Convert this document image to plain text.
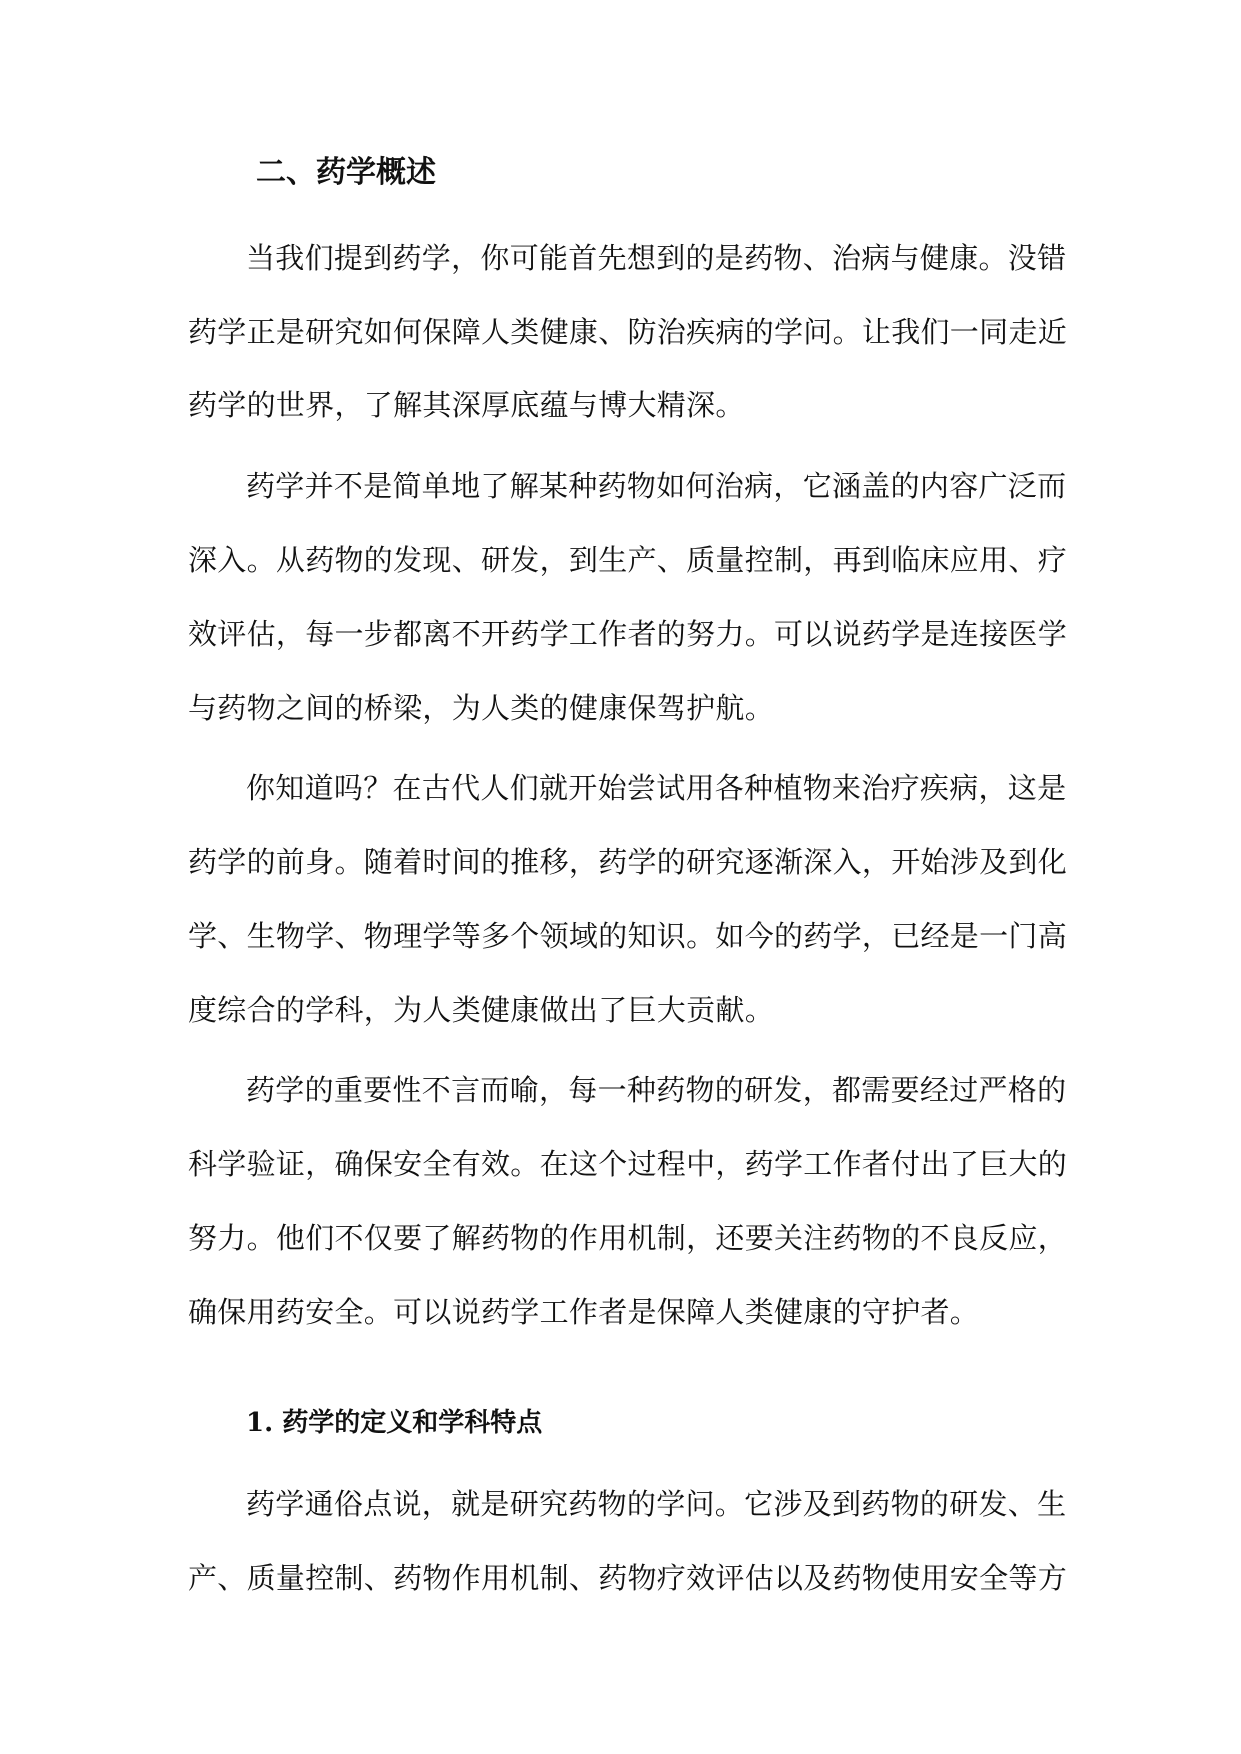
二、药学概述

当我们提到药学，你可能首先想到的是药物、治病与健康。没错

药学正是研究如何保障人类健康、防治疾病的学问。让我们一同走近

药学的世界，了解其深厚底蕴与博大精深。

药学并不是简单地了解某种药物如何治病，它涵盖的内容广泛而

深入。从药物的发现、研发，到生产、质量控制，再到临床应用、疗

效评估，每一步都离不开药学工作者的努力。可以说药学是连接医学

与药物之间的桥梁，为人类的健康保驾护航。

你知道吗？在古代人们就开始尝试用各种植物来治疗疾病，这是

药学的前身。随着时间的推移，药学的研究逐渐深入，开始涉及到化

学、生物学、物理学等多个领域的知识。如今的药学，已经是一门高

度综合的学科，为人类健康做出了巨大贡献。

药学的重要性不言而喻，每一种药物的研发，都需要经过严格的

科学验证，确保安全有效。在这个过程中，药学工作者付出了巨大的

努力。他们不仅要了解药物的作用机制，还要关注药物的不良反应，

确保用药安全。可以说药学工作者是保障人类健康的守护者。

1. 药学的定义和学科特点

药学通俗点说，就是研究药物的学问。它涉及到药物的研发、生

产、质量控制、药物作用机制、药物疗效评估以及药物使用安全等方
